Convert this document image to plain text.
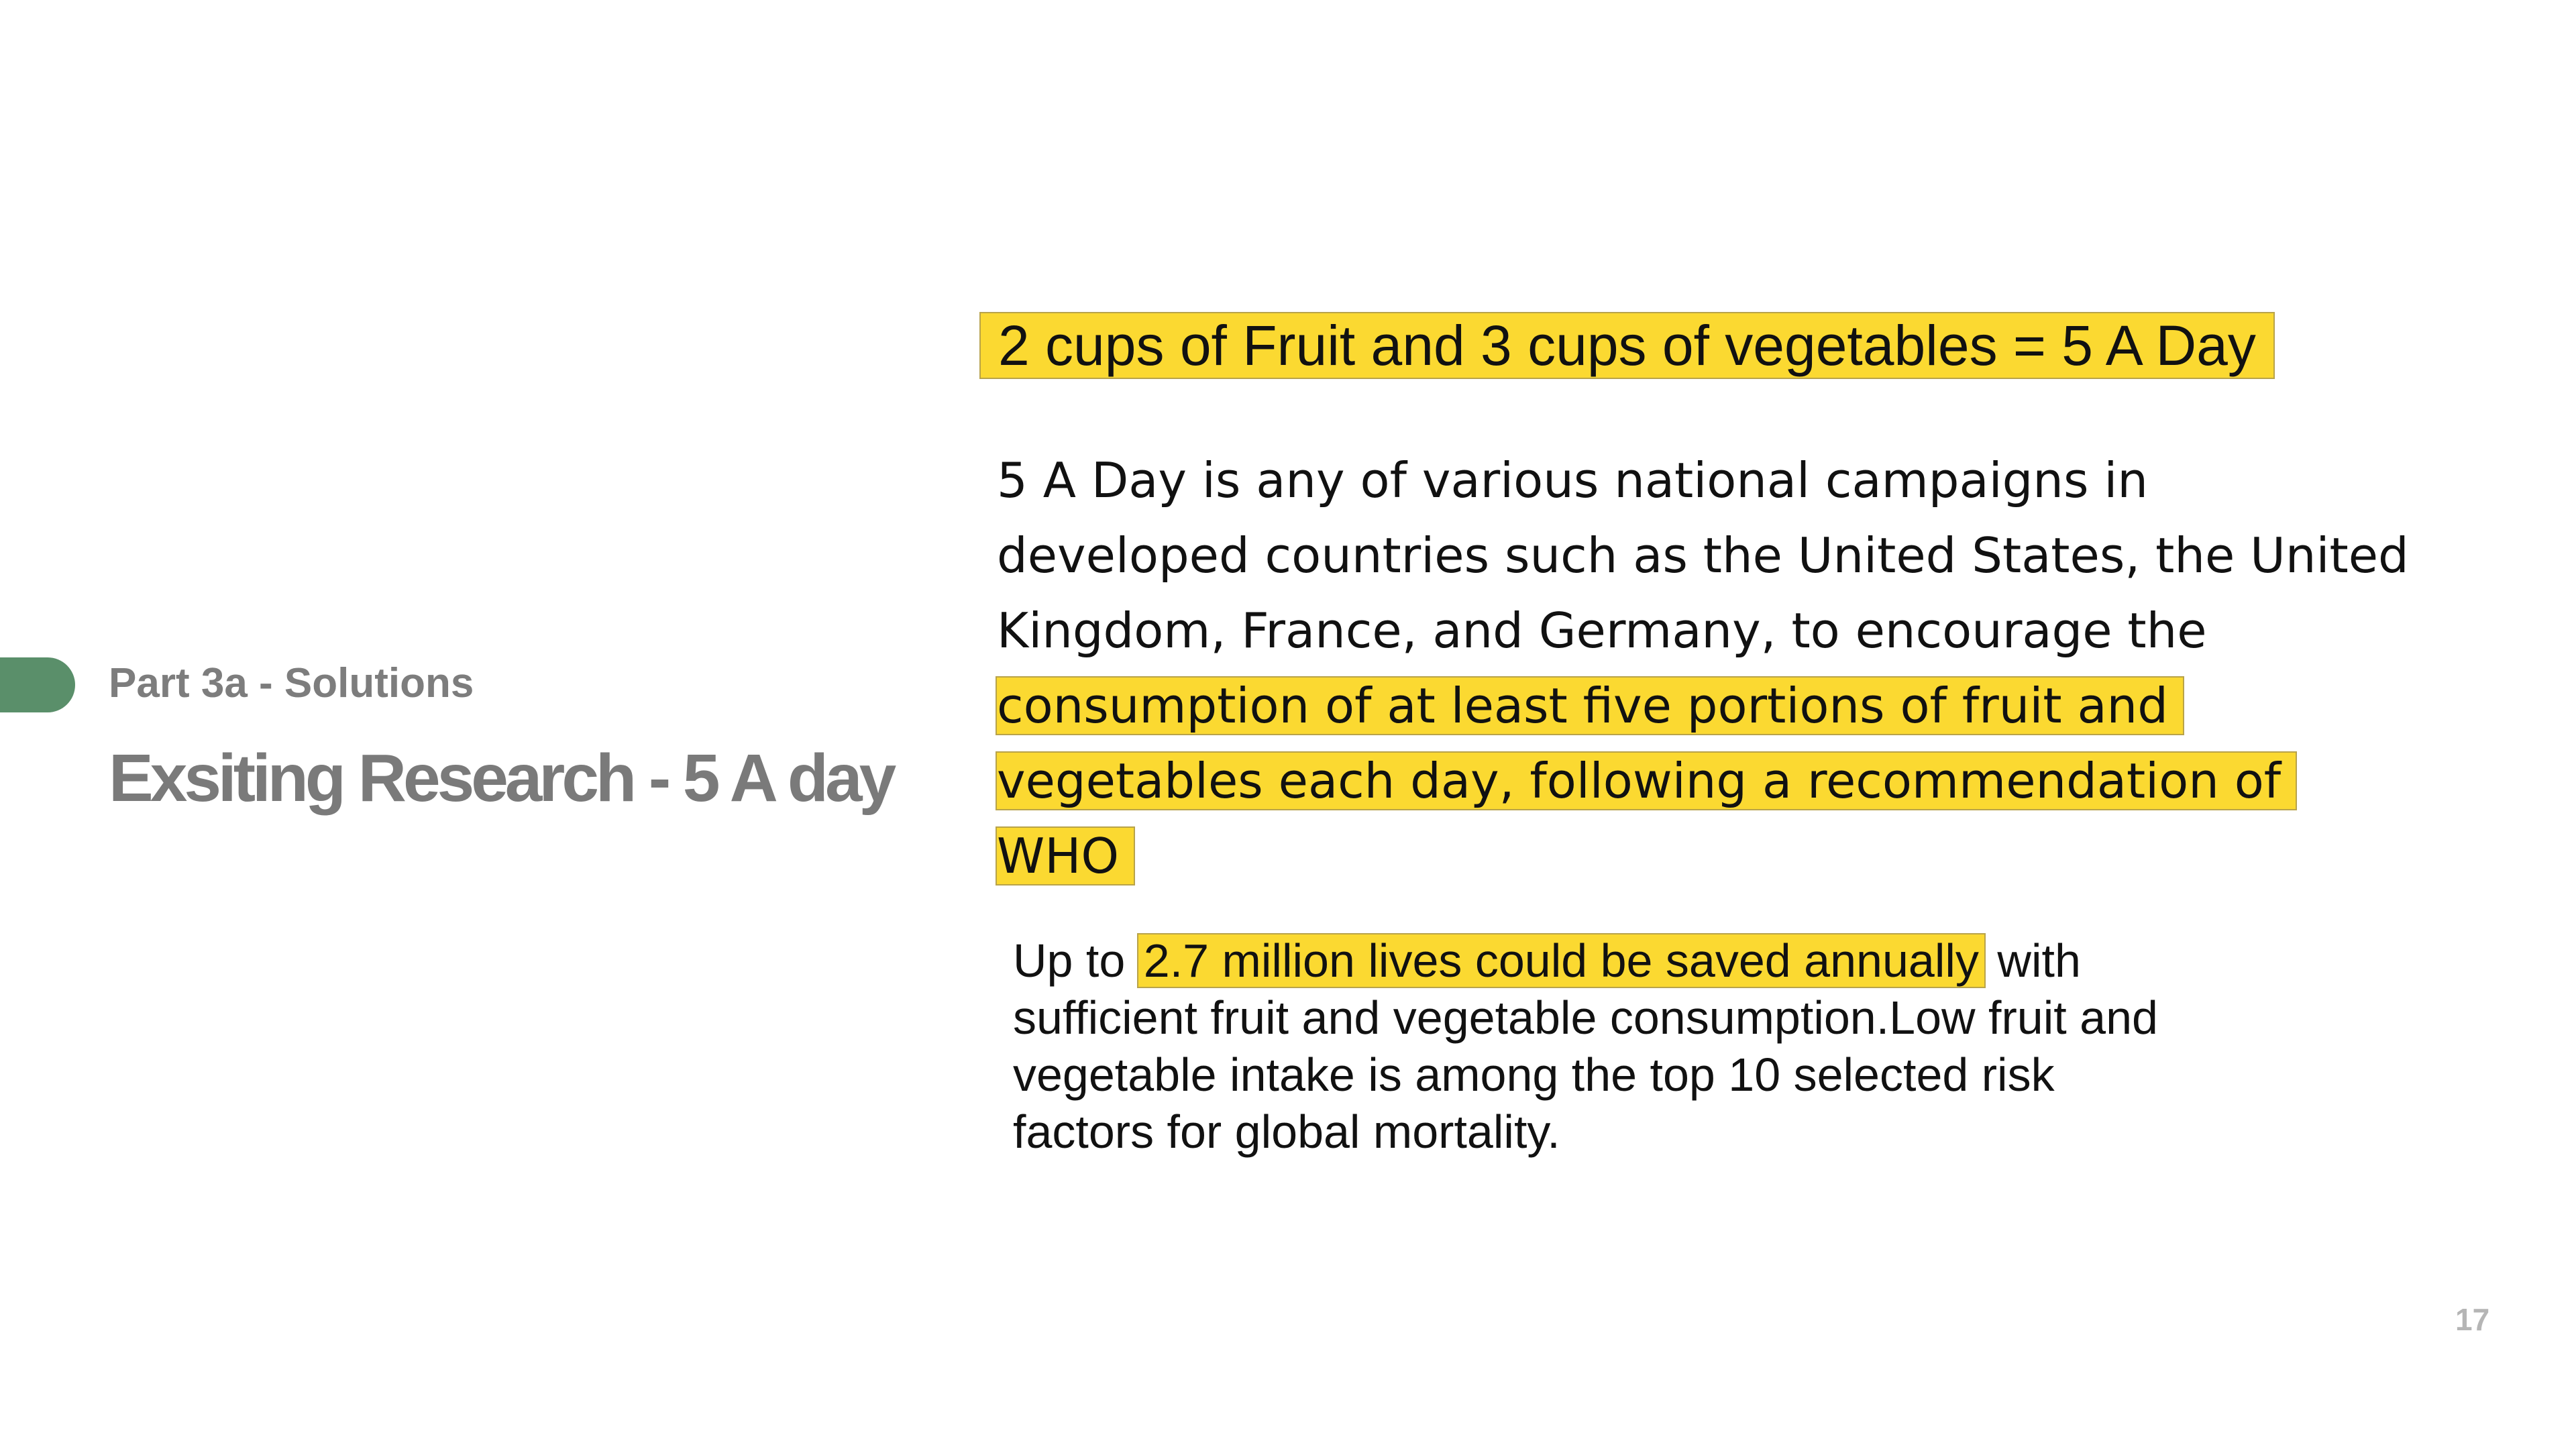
Part 3a - Solutions
Exsiting Research - 5 A day
2 cups of Fruit and 3 cups of vegetables = 5 A Day
5 A Day is any of various national campaigns in
developed countries such as the United States, the United
Kingdom, France, and Germany, to encourage the
consumption of at least five portions of fruit and
vegetables each day, following a recommendation of
WHO
Up to 2.7 million lives could be saved annually with
sufficient fruit and vegetable consumption.Low fruit and
vegetable intake is among the top 10 selected risk
factors for global mortality.
17
